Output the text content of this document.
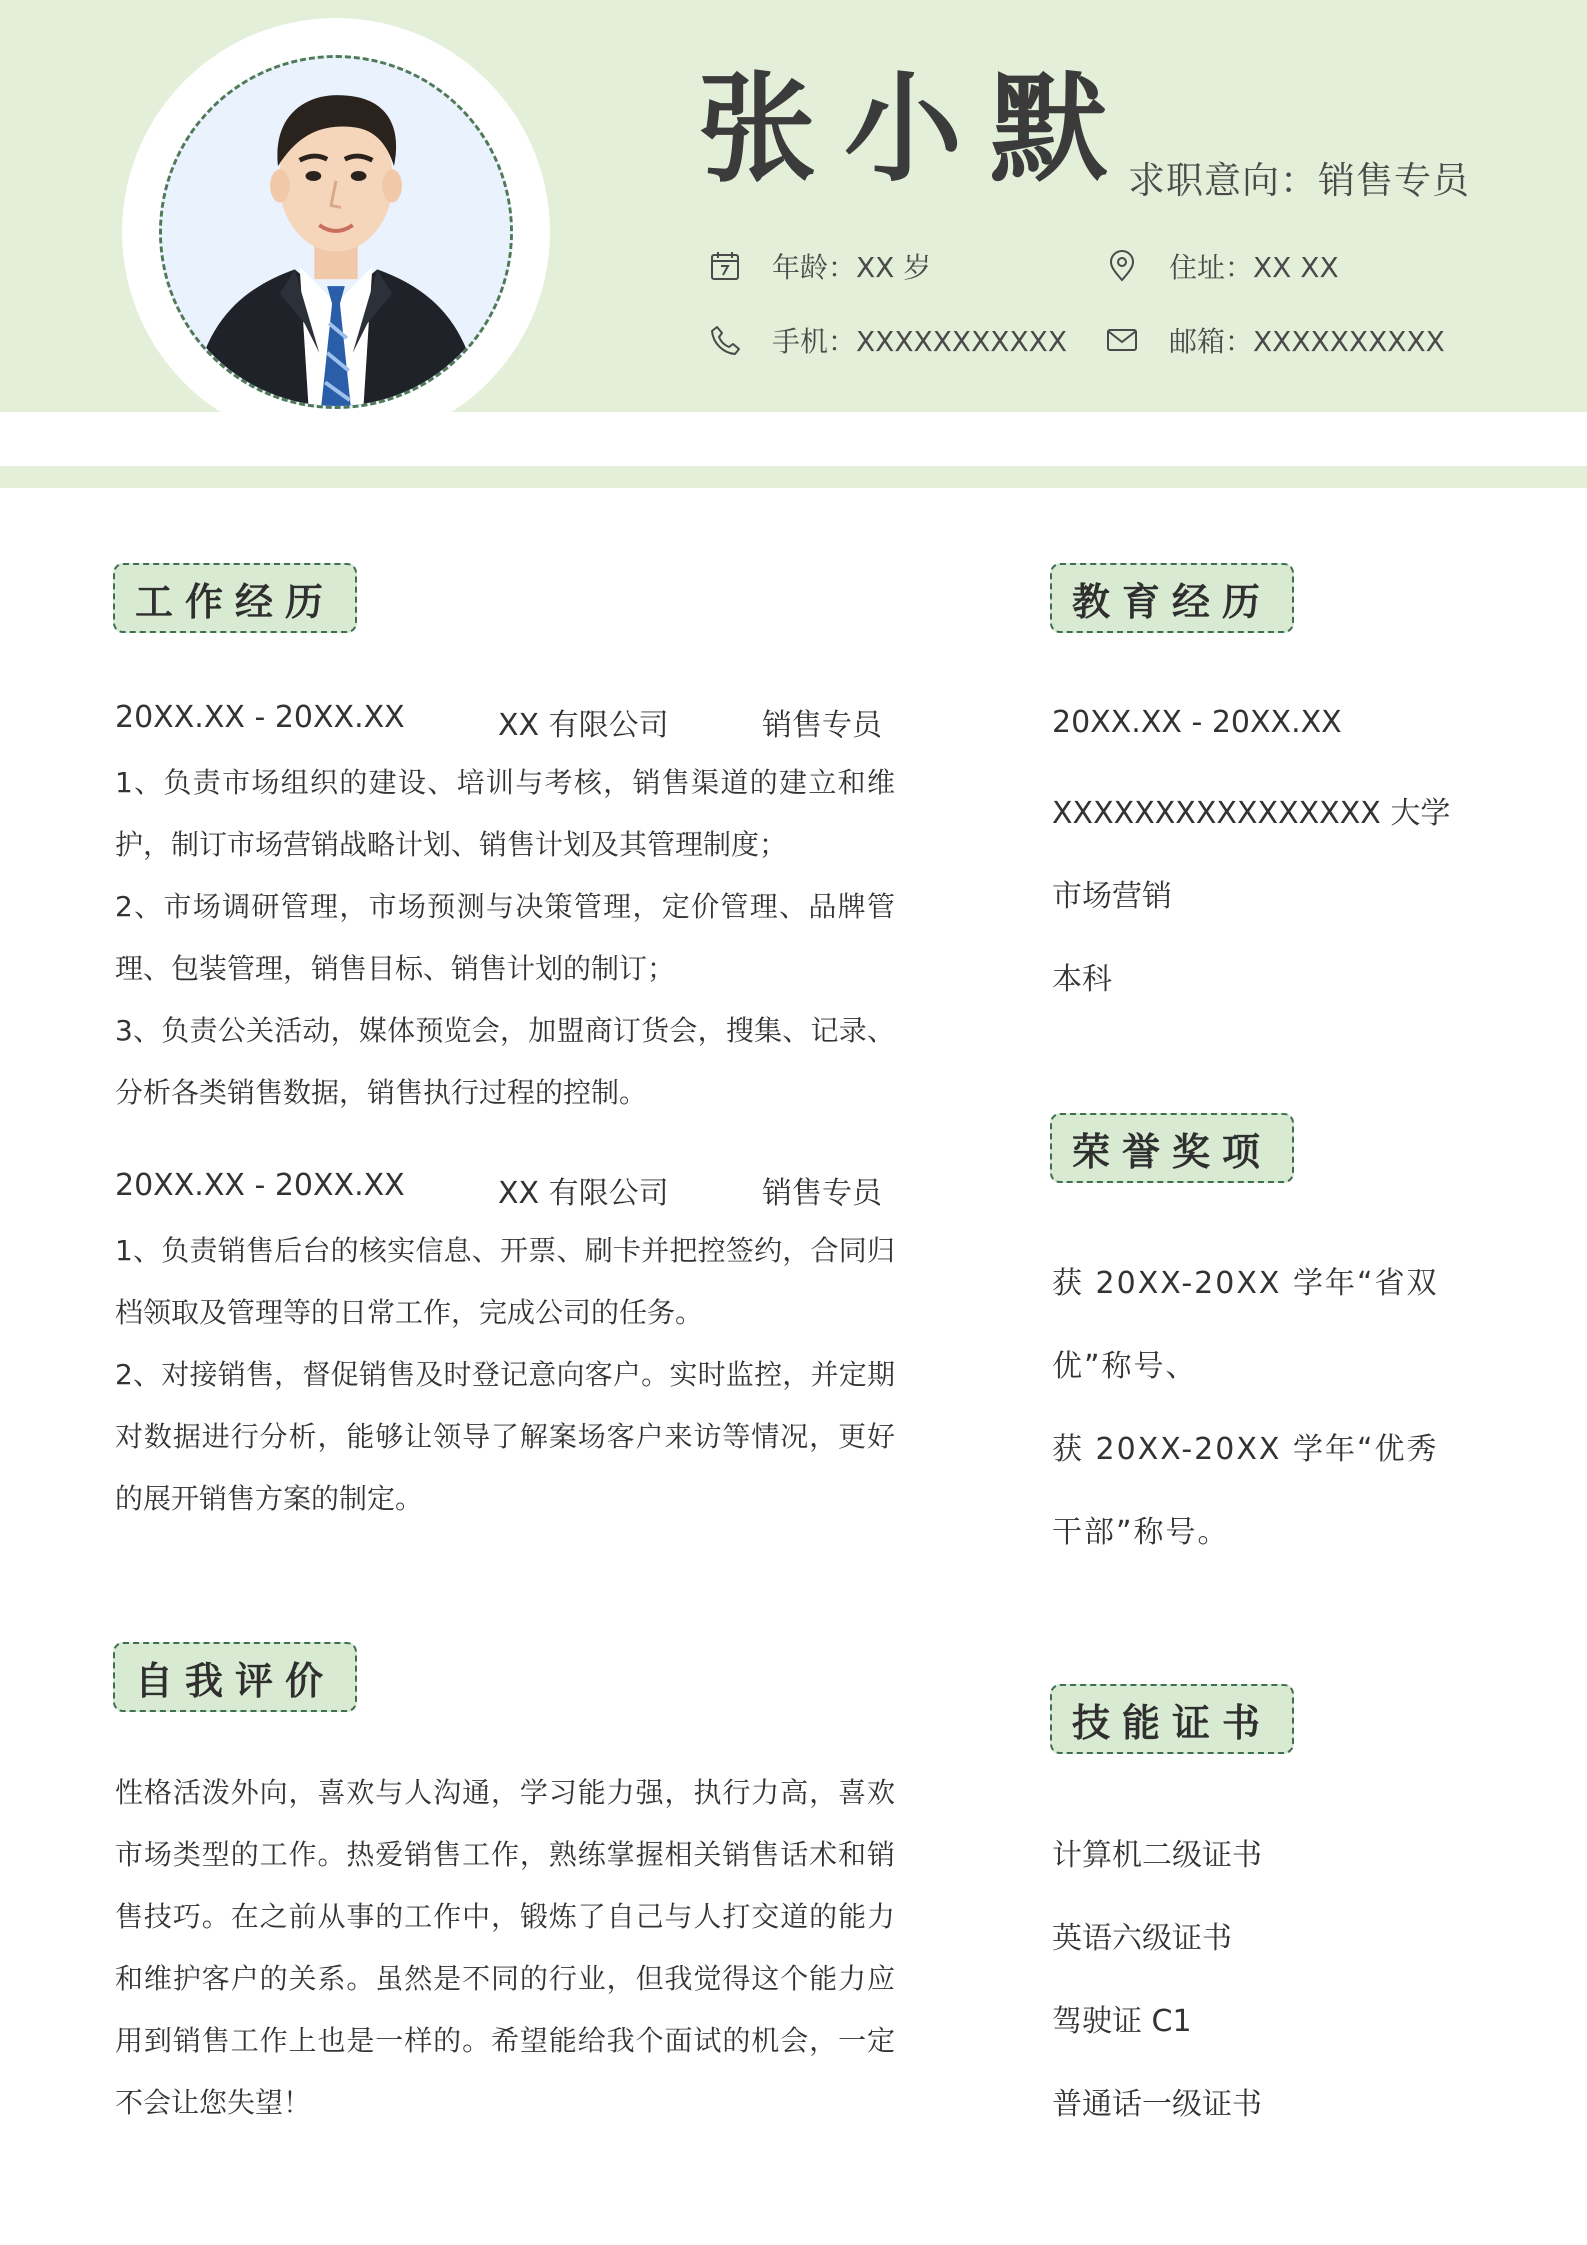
张小默
求职意向：销售专员
年龄：XX 岁	住址：XX XX
手机：XXXXXXXXXXX	邮箱：XXXXXXXXXX
工作经历
20XX.XX - 20XX.XX	XX 有限公司	销售专员

1、负责市场组织的建设、培训与考核，销售渠道的建立和维护，制订市场营销战略计划、销售计划及其管理制度；

2、市场调研管理，市场预测与决策管理，定价管理、品牌管理、包装管理，销售目标、销售计划的制订；

3、负责公关活动，媒体预览会，加盟商订货会，搜集、记录、分析各类销售数据，销售执行过程的控制。

20XX.XX - 20XX.XX	XX 有限公司	销售专员

1、负责销售后台的核实信息、开票、刷卡并把控签约，合同归档领取及管理等的日常工作，完成公司的任务。

2、对接销售，督促销售及时登记意向客户。实时监控，并定期对数据进行分析，能够让领导了解案场客户来访等情况，更好的展开销售方案的制定。

自我评价
性格活泼外向，喜欢与人沟通，学习能力强，执行力高，喜欢市场类型的工作。热爱销售工作，熟练掌握相关销售话术和销售技巧。在之前从事的工作中，锻炼了自己与人打交道的能力和维护客户的关系。虽然是不同的行业，但我觉得这个能力应用到销售工作上也是一样的。希望能给我个面试的机会，一定不会让您失望！
教育经历
20XX.XX - 20XX.XX
XXXXXXXXXXXXXXXX 大学
市场营销
本科
荣誉奖项

获 20XX-20XX 学年“省双优”称号、

获 20XX-20XX 学年“优秀干部”称号。

技能证书
计算机二级证书
英语六级证书
驾驶证 C1
普通话一级证书
